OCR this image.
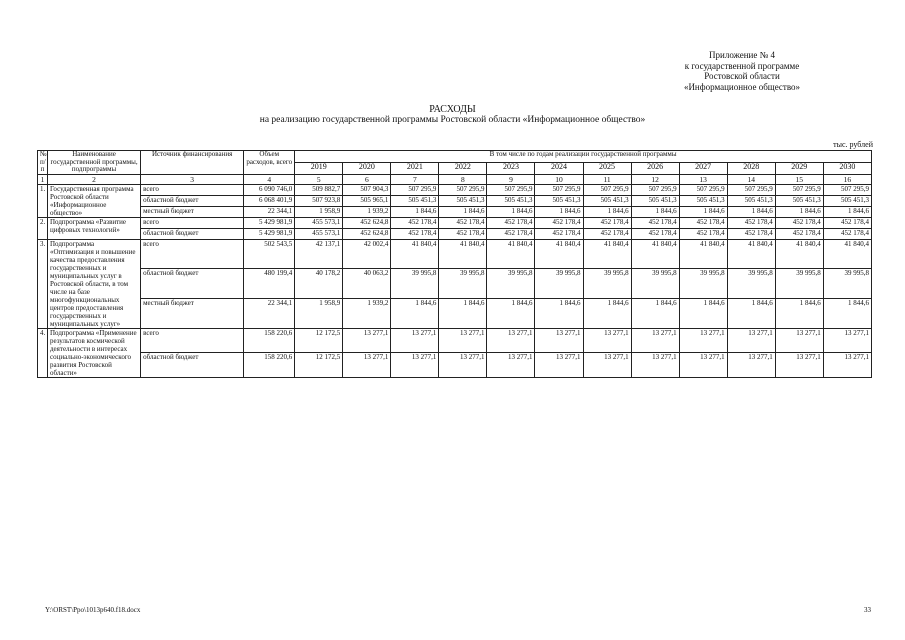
Приложение № 4
к государственной программе
Ростовской области
«Информационное общество»
РАСХОДЫ
на реализацию государственной программы Ростовской области «Информационное общество»
тыс. рублей
№ п/п	Наименование государственной программы, подпрограммы	Источник финансирования	Объем расходов, всего	В том числе по годам реализации государственной программы											
				2019	2020	2021	2022	2023	2024	2025	2026	2027	2028	2029	2030
1	2	3	4	5	6	7	8	9	10	11	12	13	14	15	16
1.	Государственная программа Ростовской области «Информационное общество»	всего	6 090 746,0	509 882,7	507 904,3	507 295,9	507 295,9	507 295,9	507 295,9	507 295,9	507 295,9	507 295,9	507 295,9	507 295,9	507 295,9
		областной бюджет	6 068 401,9	507 923,8	505 965,1	505 451,3	505 451,3	505 451,3	505 451,3	505 451,3	505 451,3	505 451,3	505 451,3	505 451,3	505 451,3
		местный бюджет	22 344,1	1 958,9	1 939,2	1 844,6	1 844,6	1 844,6	1 844,6	1 844,6	1 844,6	1 844,6	1 844,6	1 844,6	1 844,6
2.	Подпрограмма «Развитие цифровых технологий»	всего	5 429 981,9	455 573,1	452 624,8	452 178,4	452 178,4	452 178,4	452 178,4	452 178,4	452 178,4	452 178,4	452 178,4	452 178,4	452 178,4
		областной бюджет	5 429 981,9	455 573,1	452 624,8	452 178,4	452 178,4	452 178,4	452 178,4	452 178,4	452 178,4	452 178,4	452 178,4	452 178,4	452 178,4
3.	Подпрограмма «Оптимизация и повышение качества предоставления государственных и муниципальных услуг в Ростовской области, в том числе на базе многофункциональных центров предоставления государственных и муниципальных услуг»	всего	502 543,5	42 137,1	42 002,4	41 840,4	41 840,4	41 840,4	41 840,4	41 840,4	41 840,4	41 840,4	41 840,4	41 840,4	41 840,4
		областной бюджет	480 199,4	40 178,2	40 063,2	39 995,8	39 995,8	39 995,8	39 995,8	39 995,8	39 995,8	39 995,8	39 995,8	39 995,8	39 995,8
		местный бюджет	22 344,1	1 958,9	1 939,2	1 844,6	1 844,6	1 844,6	1 844,6	1 844,6	1 844,6	1 844,6	1 844,6	1 844,6	1 844,6
4.	Подпрограмма «Применение результатов космической деятельности в интересах социально-экономического развития Ростовской области»	всего	158 220,6	12 172,5	13 277,1	13 277,1	13 277,1	13 277,1	13 277,1	13 277,1	13 277,1	13 277,1	13 277,1	13 277,1	13 277,1
		областной бюджет	158 220,6	12 172,5	13 277,1	13 277,1	13 277,1	13 277,1	13 277,1	13 277,1	13 277,1	13 277,1	13 277,1	13 277,1	13 277,1
Y:\ORST\Ppo\1013p640.f18.docx	33
